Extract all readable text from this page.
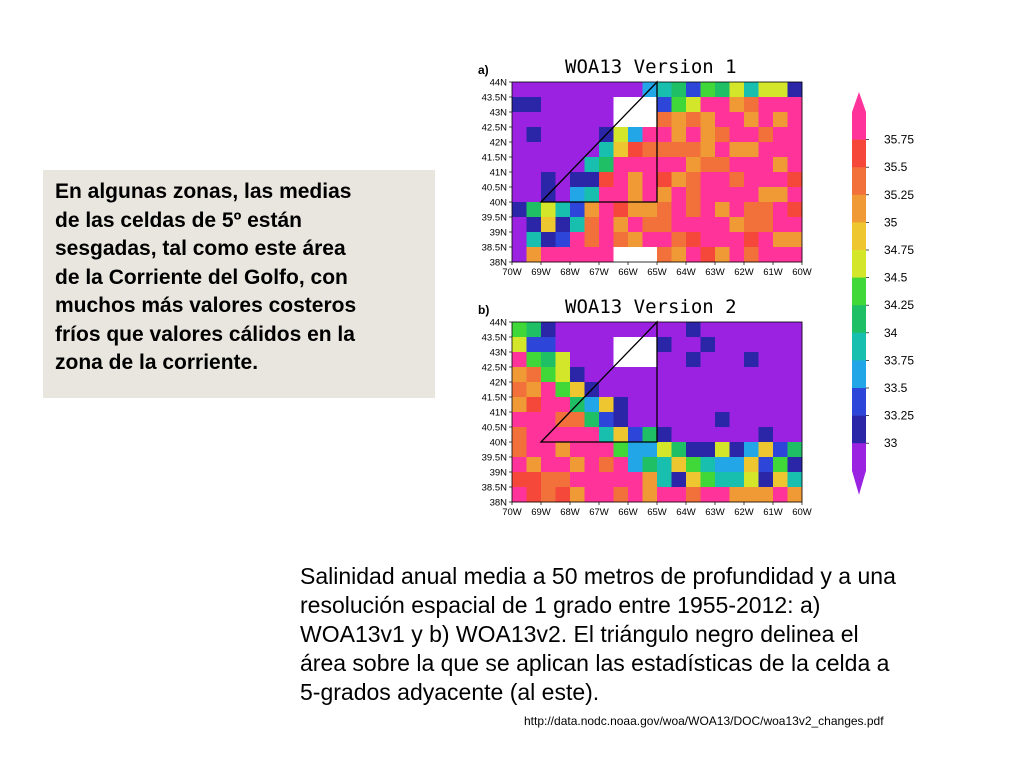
En algunas zonas, las medias
de las celdas de 5º están
sesgadas, tal como este área
de la Corriente del Golfo, con
muchos más valores costeros
fríos que valores cálidos en la
zona de la corriente.
a)	WOA13 Version 1
70W 69W 68W 67W 66W 65W 64W 63W 62W 61W 60W
44N
43.5N
43N
42.5N
42N
41.5N
41N
40.5N
40N
39.5N
39N
38.5N
38N
b)	WOA13 Version 2
70W 69W 68W 67W 66W 65W 64W 63W 62W 61W 60W
44N
43.5N
43N
42.5N
42N
41.5N
41N
40.5N
40N
39.5N
39N
38.5N
38N
35.75
35.5
35.25
35
34.75
34.5
34.25
34
33.75
33.5
33.25
33
Salinidad anual media a 50 metros de profundidad y a una
resolución espacial de 1 grado entre 1955-2012: a)
WOA13v1 y b) WOA13v2. El triángulo negro delinea el
área sobre la que se aplican las estadísticas de la celda a
5-grados adyacente (al este).
http://data.nodc.noaa.gov/woa/WOA13/DOC/woa13v2_changes.pdf
